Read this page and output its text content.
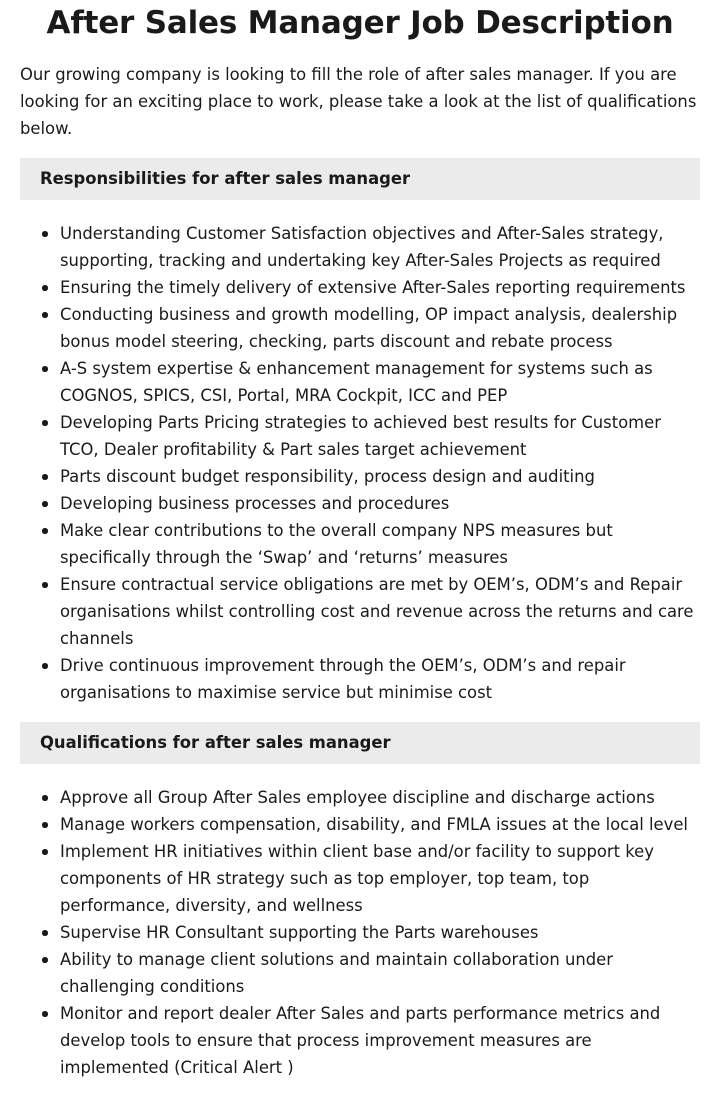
After Sales Manager Job Description

Our growing company is looking to fill the role of after sales manager. If you are looking for an exciting place to work, please take a look at the list of qualifications below.

Responsibilities for after sales manager
Understanding Customer Satisfaction objectives and After-Sales strategy, supporting, tracking and undertaking key After-Sales Projects as required
Ensuring the timely delivery of extensive After-Sales reporting requirements
Conducting business and growth modelling, OP impact analysis, dealership bonus model steering, checking, parts discount and rebate process
A-S system expertise & enhancement management for systems such as COGNOS, SPICS, CSI, Portal, MRA Cockpit, ICC and PEP
Developing Parts Pricing strategies to achieved best results for Customer TCO, Dealer profitability & Part sales target achievement
Parts discount budget responsibility, process design and auditing
Developing business processes and procedures
Make clear contributions to the overall company NPS measures but specifically through the ‘Swap’ and ‘returns’ measures
Ensure contractual service obligations are met by OEM’s, ODM’s and Repair organisations whilst controlling cost and revenue across the returns and care channels
Drive continuous improvement through the OEM’s, ODM’s and repair organisations to maximise service but minimise cost
Qualifications for after sales manager
Approve all Group After Sales employee discipline and discharge actions
Manage workers compensation, disability, and FMLA issues at the local level
Implement HR initiatives within client base and/or facility to support key components of HR strategy such as top employer, top team, top performance, diversity, and wellness
Supervise HR Consultant supporting the Parts warehouses
Ability to manage client solutions and maintain collaboration under challenging conditions
Monitor and report dealer After Sales and parts performance metrics and develop tools to ensure that process improvement measures are implemented (Critical Alert )
